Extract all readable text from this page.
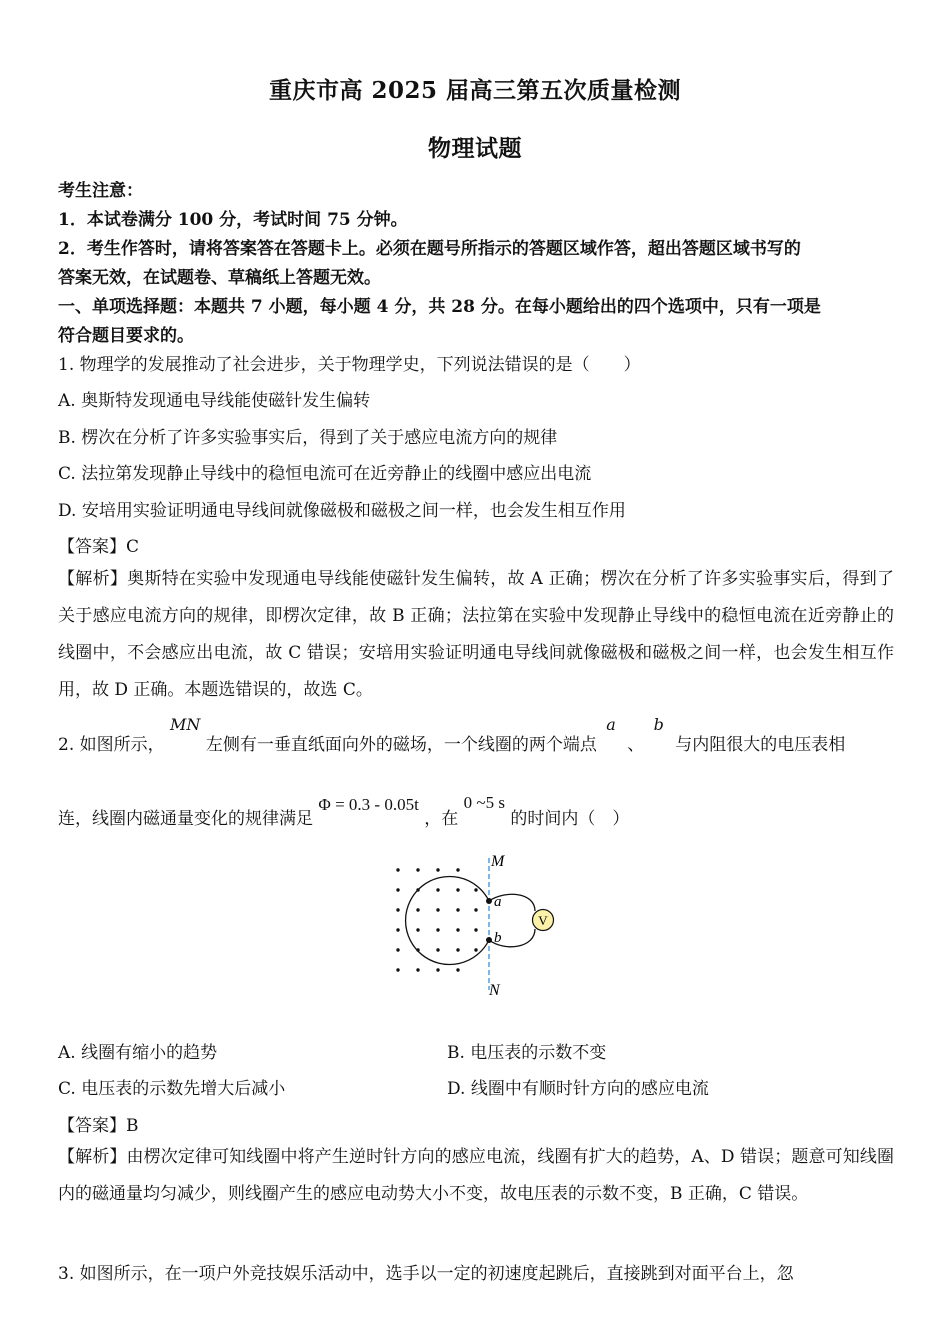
重庆市高 2025 届高三第五次质量检测
物理试题
考生注意：
1．本试卷满分 100 分，考试时间 75 分钟。
2．考生作答时，请将答案答在答题卡上。必须在题号所指示的答题区域作答，超出答题区域书写的
答案无效，在试题卷、草稿纸上答题无效。
一、单项选择题：本题共 7 小题，每小题 4 分，共 28 分。在每小题给出的四个选项中，只有一项是
符合题目要求的。
1. 物理学的发展推动了社会进步，关于物理学史，下列说法错误的是（　　）
A. 奥斯特发现通电导线能使磁针发生偏转
B. 楞次在分析了许多实验事实后，得到了关于感应电流方向的规律
C. 法拉第发现静止导线中的稳恒电流可在近旁静止的线圈中感应出电流
D. 安培用实验证明通电导线间就像磁极和磁极之间一样，也会发生相互作用
【答案】C
【解析】奥斯特在实验中发现通电导线能使磁针发生偏转，故 A 正确；楞次在分析了许多实验事实后，得到了关于感应电流方向的规律，即楞次定律，故 B 正确；法拉第在实验中发现静止导线中的稳恒电流在近旁静止的线圈中，不会感应出电流，故 C 错误；安培用实验证明通电导线间就像磁极和磁极之间一样，也会发生相互作用，故 D 正确。本题选错误的，故选 C。
2. 如图所示， MN 左侧有一垂直纸面向外的磁场，一个线圈的两个端点 a 、 b 与内阻很大的电压表相
连，线圈内磁通量变化的规律满足 Φ = 0.3 - 0.05t ，在 0 ~5 s 的时间内（　）
V
M
N
a
b
A. 线圈有缩小的趋势	B. 电压表的示数不变
C. 电压表的示数先增大后减小	D. 线圈中有顺时针方向的感应电流
【答案】B
【解析】由楞次定律可知线圈中将产生逆时针方向的感应电流，线圈有扩大的趋势，A、D 错误；题意可知线圈内的磁通量均匀减少，则线圈产生的感应电动势大小不变，故电压表的示数不变，B 正确，C 错误。
3. 如图所示，在一项户外竞技娱乐活动中，选手以一定的初速度起跳后，直接跳到对面平台上，忽
